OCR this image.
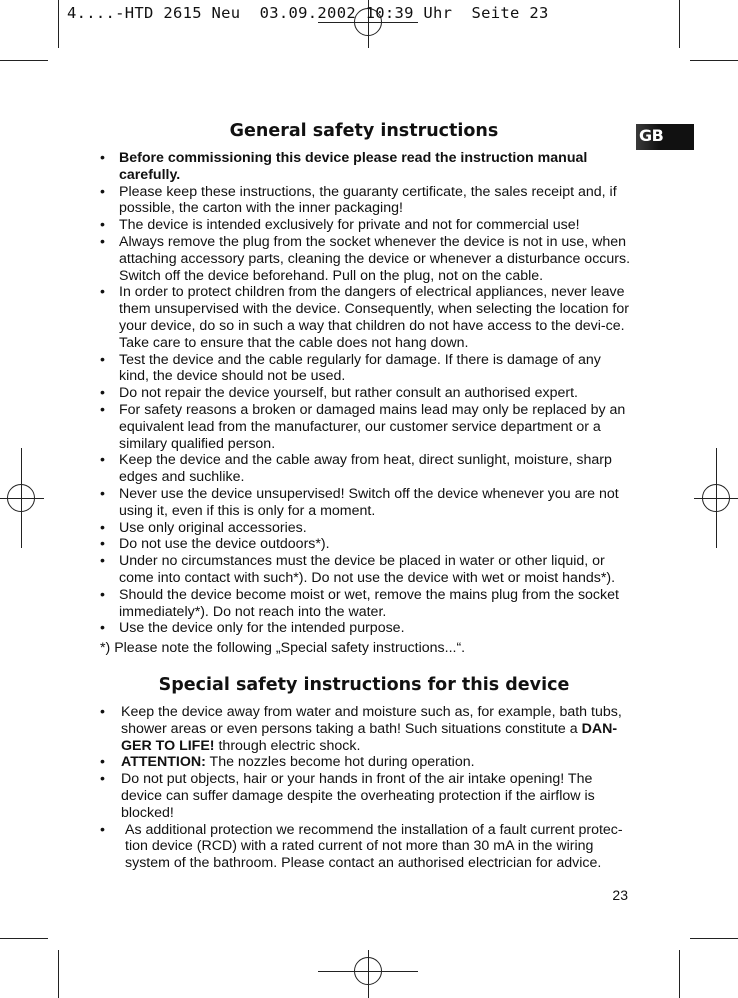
4....-HTD 2615 Neu  03.09.2002 10:39 Uhr  Seite 23
GB
General safety instructions
• Before commissioning this device please read the instruction manual carefully.
• Please keep these instructions, the guaranty certificate, the sales receipt and, if possible, the carton with the inner packaging!
• The device is intended exclusively for private and not for commercial use!
• Always remove the plug from the socket whenever the device is not in use, when attaching accessory parts, cleaning the device or whenever a disturbance occurs. Switch off the device beforehand. Pull on the plug, not on the cable.
• In order to protect children from the dangers of electrical appliances, never leave them unsupervised with the device. Consequently, when selecting the location for your device, do so in such a way that children do not have access to the devi-ce. Take care to ensure that the cable does not hang down.
• Test the device and the cable regularly for damage. If there is damage of any kind, the device should not be used.
• Do not repair the device yourself, but rather consult an authorised expert.
• For safety reasons a broken or damaged mains lead may only be replaced by an equivalent lead from the manufacturer, our customer service department or a similary qualified person.
• Keep the device and the cable away from heat, direct sunlight, moisture, sharp edges and suchlike.
• Never use the device unsupervised! Switch off the device whenever you are not using it, even if this is only for a moment.
• Use only original accessories.
• Do not use the device outdoors*).
• Under no circumstances must the device be placed in water or other liquid, or come into contact with such*). Do not use the device with wet or moist hands*).
• Should the device become moist or wet, remove the mains plug from the socket immediately*). Do not reach into the water.
• Use the device only for the intended purpose.
*) Please note the following „Special safety instructions...“.
Special safety instructions for this device
• Keep the device away from water and moisture such as, for example, bath tubs, shower areas or even persons taking a bath! Such situations constitute a DAN-GER TO LIFE! through electric shock.
• ATTENTION: The nozzles become hot during operation.
• Do not put objects, hair or your hands in front of the air intake opening! The device can suffer damage despite the overheating protection if the airflow is blocked!
• As additional protection we recommend the installation of a fault current protec-tion device (RCD) with a rated current of not more than 30 mA in the wiring system of the bathroom. Please contact an authorised electrician for advice.
23
